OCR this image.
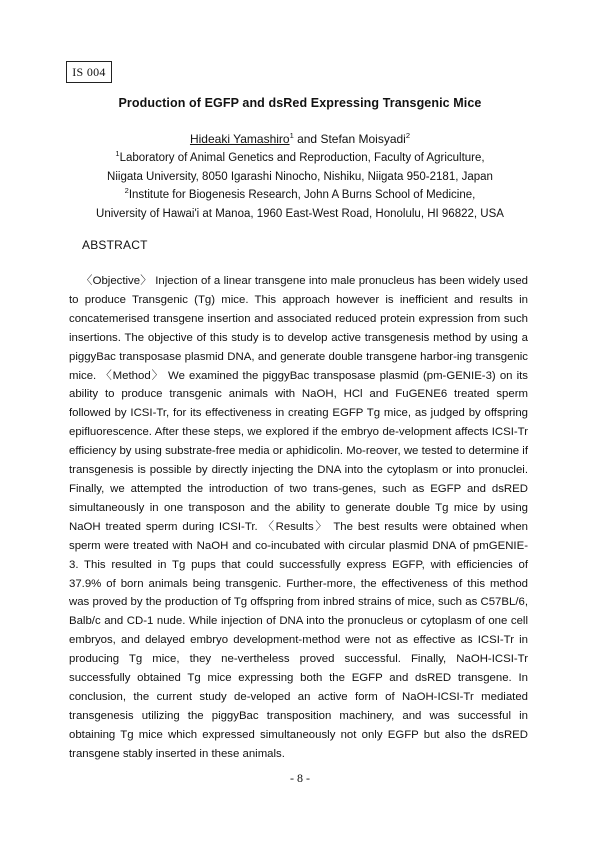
IS 004
Production of EGFP and dsRed Expressing Transgenic Mice
Hideaki Yamashiro$^1$ and Stefan Moisyadi$^2$
$^1$Laboratory of Animal Genetics and Reproduction, Faculty of Agriculture,
Niigata University, 8050 Igarashi Ninocho, Nishiku, Niigata 950-2181, Japan
$^2$Institute for Biogenesis Research, John A Burns School of Medicine,
University of Hawai'i at Manoa, 1960 East-West Road, Honolulu, HI 96822, USA
ABSTRACT

〈Objective〉 Injection of a linear transgene into male pronucleus has been widely used to produce Transgenic (Tg) mice. This approach however is inefficient and results in concatemerised transgene insertion and associated reduced protein expression from such insertions. The objective of this study is to develop active transgenesis method by using a piggyBac transposase plasmid DNA, and generate double transgene harbor-ing transgenic mice. 〈Method〉 We examined the piggyBac transposase plasmid (pm-GENIE-3) on its ability to produce transgenic animals with NaOH, HCl and FuGENE6 treated sperm followed by ICSI-Tr, for its effectiveness in creating EGFP Tg mice, as judged by offspring epifluorescence. After these steps, we explored if the embryo de-velopment affects ICSI-Tr efficiency by using substrate-free media or aphidicolin. Mo-reover, we tested to determine if transgenesis is possible by directly injecting the DNA into the cytoplasm or into pronuclei. Finally, we attempted the introduction of two trans-genes, such as EGFP and dsRED simultaneously in one transposon and the ability to generate double Tg mice by using NaOH treated sperm during ICSI-Tr. 〈Results〉 The best results were obtained when sperm were treated with NaOH and co-incubated with circular plasmid DNA of pmGENIE-3. This resulted in Tg pups that could successfully express EGFP, with efficiencies of 37.9% of born animals being transgenic. Further-more, the effectiveness of this method was proved by the production of Tg offspring from inbred strains of mice, such as C57BL/6, Balb/c and CD-1 nude. While injection of DNA into the pronucleus or cytoplasm of one cell embryos, and delayed embryo development-method were not as effective as ICSI-Tr in producing Tg mice, they ne-vertheless proved successful. Finally, NaOH-ICSI-Tr successfully obtained Tg mice expressing both the EGFP and dsRED transgene. In conclusion, the current study de-veloped an active form of NaOH-ICSI-Tr mediated transgenesis utilizing the piggyBac transposition machinery, and was successful in obtaining Tg mice which expressed simultaneously not only EGFP but also the dsRED transgene stably inserted in these animals.

- 8 -
